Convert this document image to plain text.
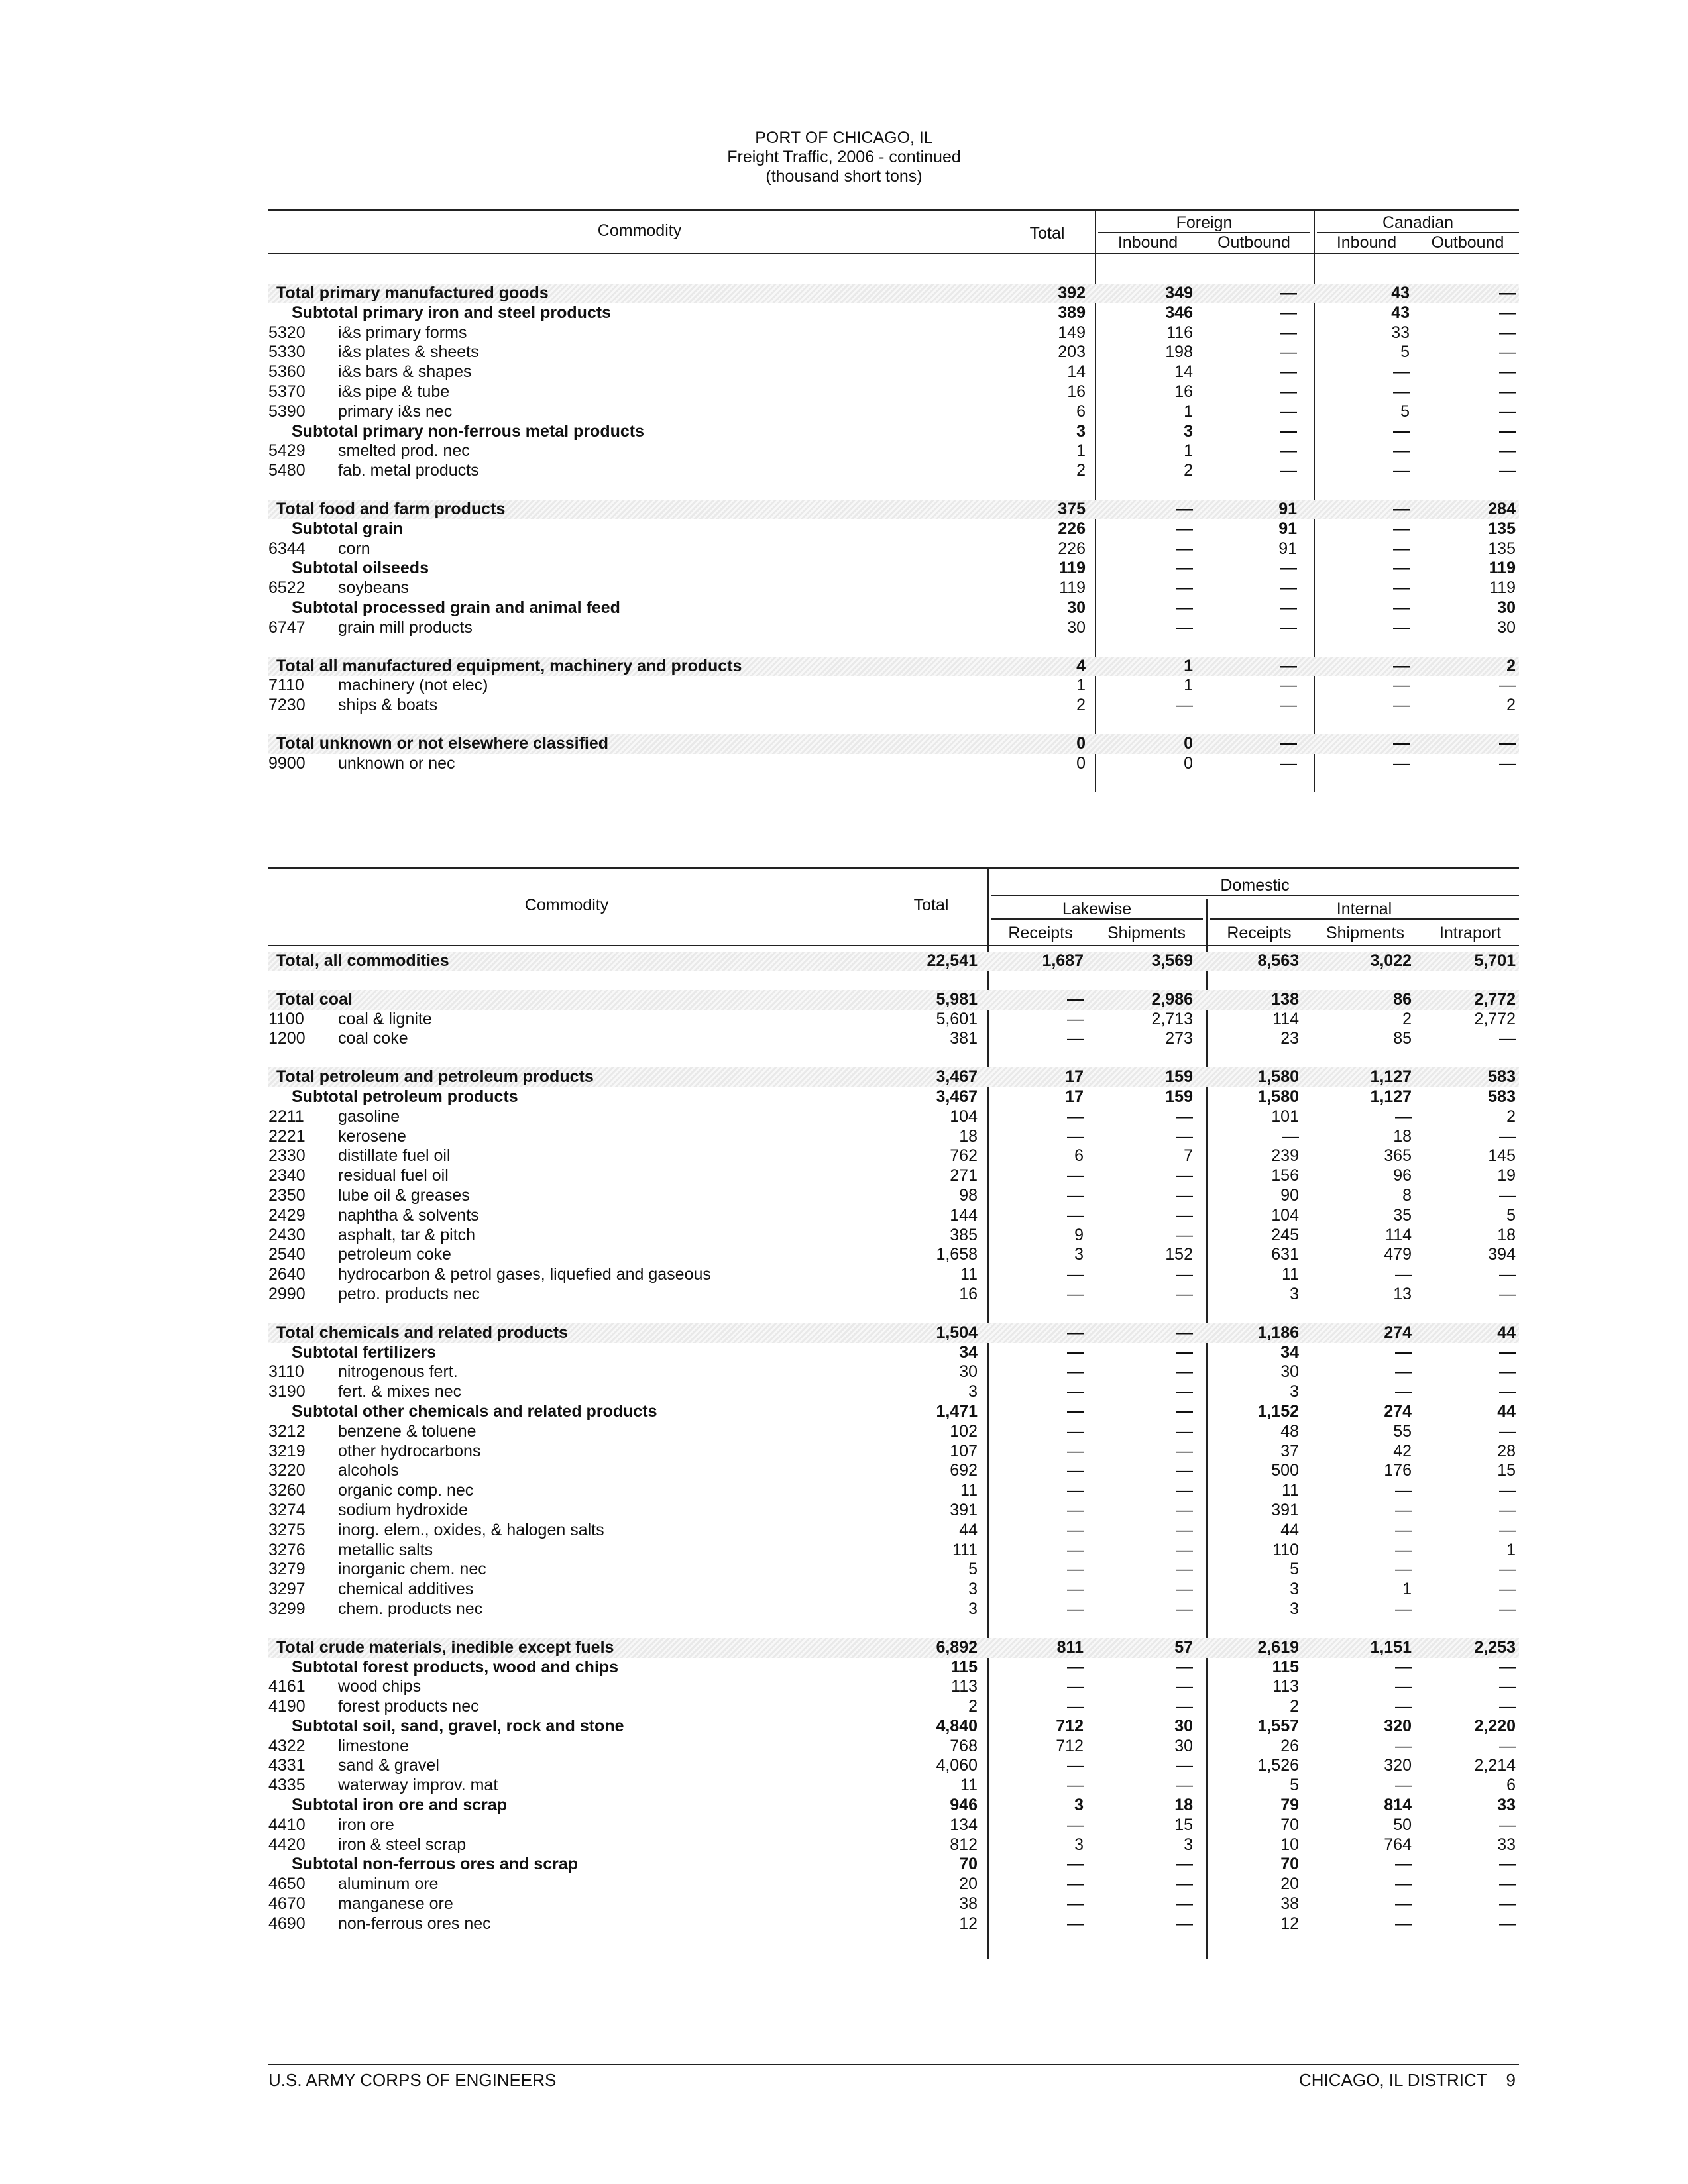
PORT OF CHICAGO, IL
Freight Traffic, 2006 - continued
(thousand short tons)
Commodity	Total
Foreign	Canadian
Inbound	Outbound	Inbound	Outbound
Total primary manufactured goods	392	349	—	43	—
Subtotal primary iron and steel products	389	346	—	43	—
5320	i&s primary forms	149	116	—	33	—
5330	i&s plates & sheets	203	198	—	5	—
5360	i&s bars & shapes	14	14	—	—	—
5370	i&s pipe & tube	16	16	—	—	—
5390	primary i&s nec	6	1	—	5	—
Subtotal primary non-ferrous metal products	3	3	—	—	—
5429	smelted prod. nec	1	1	—	—	—
5480	fab. metal products	2	2	—	—	—
Total food and farm products	375	—	91	—	284
Subtotal grain	226	—	91	—	135
6344	corn	226	—	91	—	135
Subtotal oilseeds	119	—	—	—	119
6522	soybeans	119	—	—	—	119
Subtotal processed grain and animal feed	30	—	—	—	30
6747	grain mill products	30	—	—	—	30
Total all manufactured equipment, machinery and products	4	1	—	—	2
7110	machinery (not elec)	1	1	—	—	—
7230	ships & boats	2	—	—	—	2
Total unknown or not elsewhere classified	0	0	—	—	—
9900	unknown or nec	0	0	—	—	—
Commodity	Total
Domestic
Lakewise	Internal
Receipts	Shipments	Receipts	Shipments	Intraport
Total, all commodities	22,541	1,687	3,569	8,563	3,022	5,701
Total coal	5,981	—	2,986	138	86	2,772
1100	coal & lignite	5,601	—	2,713	114	2	2,772
1200	coal coke	381	—	273	23	85	—
Total petroleum and petroleum products	3,467	17	159	1,580	1,127	583
Subtotal petroleum products	3,467	17	159	1,580	1,127	583
2211	gasoline	104	—	—	101	—	2
2221	kerosene	18	—	—	—	18	—
2330	distillate fuel oil	762	6	7	239	365	145
2340	residual fuel oil	271	—	—	156	96	19
2350	lube oil & greases	98	—	—	90	8	—
2429	naphtha & solvents	144	—	—	104	35	5
2430	asphalt, tar & pitch	385	9	—	245	114	18
2540	petroleum coke	1,658	3	152	631	479	394
2640	hydrocarbon & petrol gases, liquefied and gaseous	11	—	—	11	—	—
2990	petro. products nec	16	—	—	3	13	—
Total chemicals and related products	1,504	—	—	1,186	274	44
Subtotal fertilizers	34	—	—	34	—	—
3110	nitrogenous fert.	30	—	—	30	—	—
3190	fert. & mixes nec	3	—	—	3	—	—
Subtotal other chemicals and related products	1,471	—	—	1,152	274	44
3212	benzene & toluene	102	—	—	48	55	—
3219	other hydrocarbons	107	—	—	37	42	28
3220	alcohols	692	—	—	500	176	15
3260	organic comp. nec	11	—	—	11	—	—
3274	sodium hydroxide	391	—	—	391	—	—
3275	inorg. elem., oxides, & halogen salts	44	—	—	44	—	—
3276	metallic salts	111	—	—	110	—	1
3279	inorganic chem. nec	5	—	—	5	—	—
3297	chemical additives	3	—	—	3	1	—
3299	chem. products nec	3	—	—	3	—	—
Total crude materials, inedible except fuels	6,892	811	57	2,619	1,151	2,253
Subtotal forest products, wood and chips	115	—	—	115	—	—
4161	wood chips	113	—	—	113	—	—
4190	forest products nec	2	—	—	2	—	—
Subtotal soil, sand, gravel, rock and stone	4,840	712	30	1,557	320	2,220
4322	limestone	768	712	30	26	—	—
4331	sand & gravel	4,060	—	—	1,526	320	2,214
4335	waterway improv. mat	11	—	—	5	—	6
Subtotal iron ore and scrap	946	3	18	79	814	33
4410	iron ore	134	—	15	70	50	—
4420	iron & steel scrap	812	3	3	10	764	33
Subtotal non-ferrous ores and scrap	70	—	—	70	—	—
4650	aluminum ore	20	—	—	20	—	—
4670	manganese ore	38	—	—	38	—	—
4690	non-ferrous ores nec	12	—	—	12	—	—
U.S. ARMY CORPS OF ENGINEERS	CHICAGO, IL DISTRICT 9
